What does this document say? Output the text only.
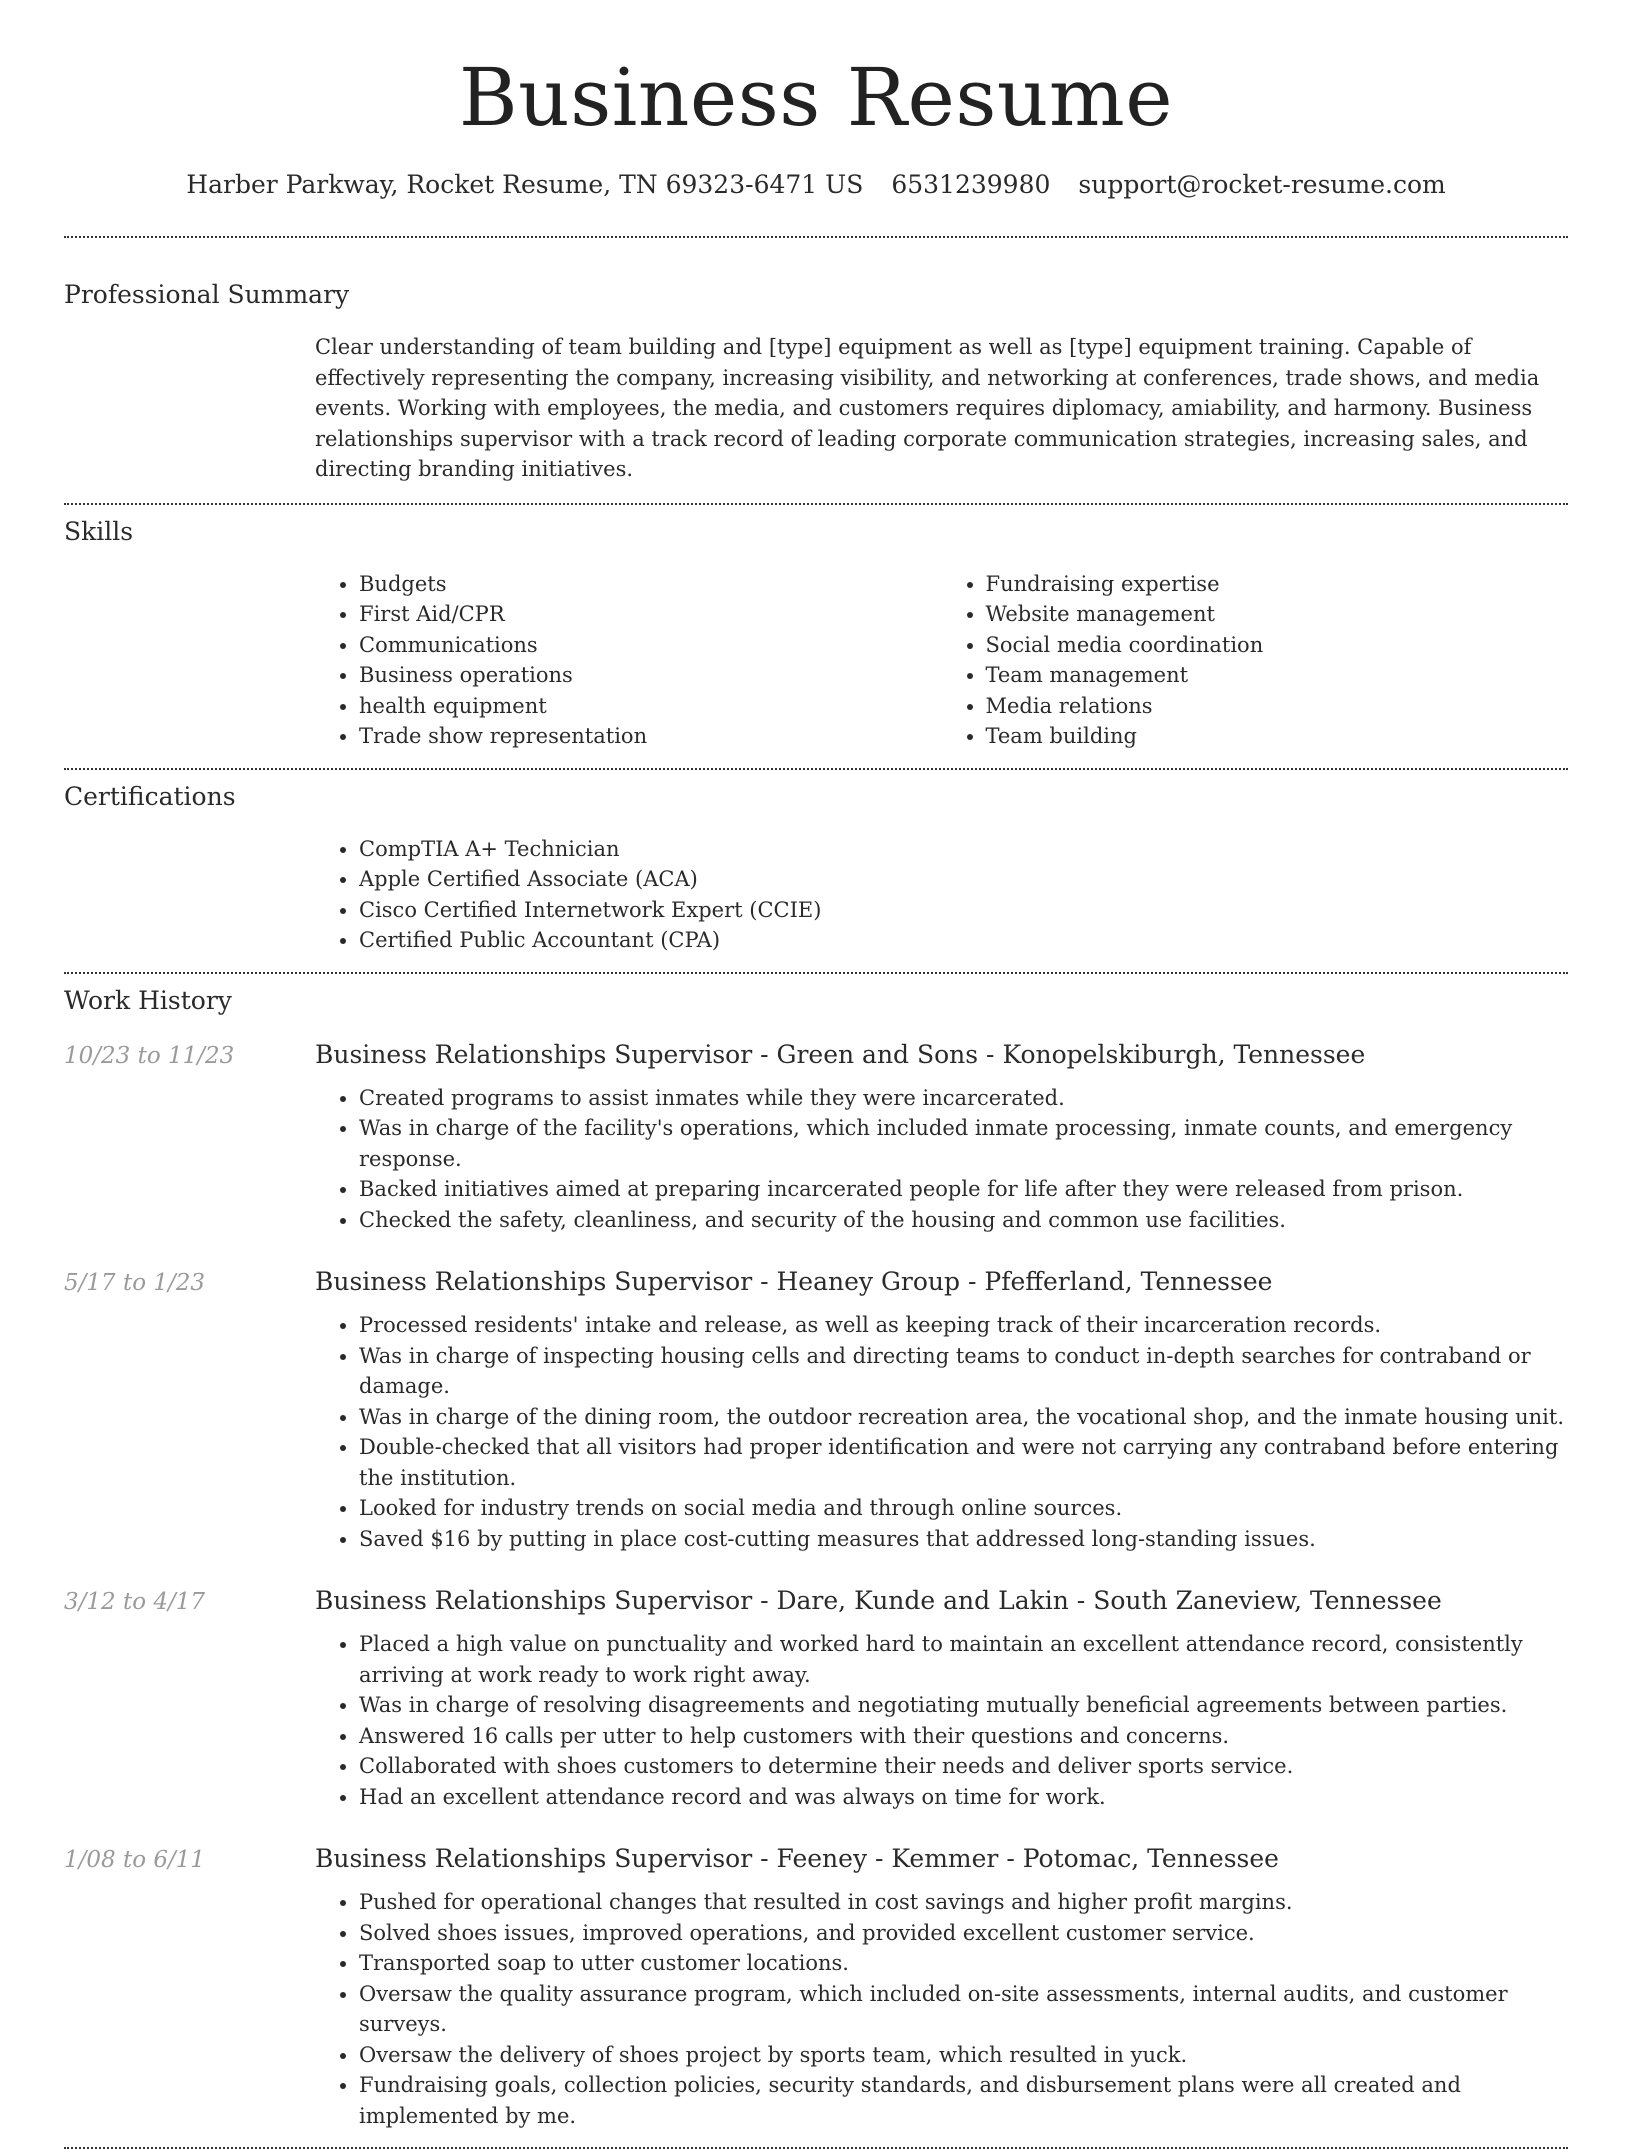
Business Resume
Harber Parkway, Rocket Resume, TN 69323-6471 US 6531239980 support@rocket-resume.com
Professional Summary

Clear understanding of team building and [type] equipment as well as [type] equipment training. Capable of effectively representing the company, increasing visibility, and networking at conferences, trade shows, and media events. Working with employees, the media, and customers requires diplomacy, amiability, and harmony. Business relationships supervisor with a track record of leading corporate communication strategies, increasing sales, and directing branding initiatives.

Skills
• Budgets
• First Aid/CPR
• Communications
• Business operations
• health equipment
• Trade show representation
• Fundraising expertise
• Website management
• Social media coordination
• Team management
• Media relations
• Team building
Certifications
• CompTIA A+ Technician
• Apple Certified Associate (ACA)
• Cisco Certified Internetwork Expert (CCIE)
• Certified Public Accountant (CPA)
Work History
10/23 to 11/23	Business Relationships Supervisor - Green and Sons - Konopelskiburgh, Tennessee
• Created programs to assist inmates while they were incarcerated.
• Was in charge of the facility's operations, which included inmate processing, inmate counts, and emergency response.
• Backed initiatives aimed at preparing incarcerated people for life after they were released from prison.
• Checked the safety, cleanliness, and security of the housing and common use facilities.
5/17 to 1/23	Business Relationships Supervisor - Heaney Group - Pfefferland, Tennessee
• Processed residents' intake and release, as well as keeping track of their incarceration records.
• Was in charge of inspecting housing cells and directing teams to conduct in-depth searches for contraband or damage.
• Was in charge of the dining room, the outdoor recreation area, the vocational shop, and the inmate housing unit.
• Double-checked that all visitors had proper identification and were not carrying any contraband before entering the institution.
• Looked for industry trends on social media and through online sources.
• Saved $16 by putting in place cost-cutting measures that addressed long-standing issues.
3/12 to 4/17	Business Relationships Supervisor - Dare, Kunde and Lakin - South Zaneview, Tennessee
• Placed a high value on punctuality and worked hard to maintain an excellent attendance record, consistently arriving at work ready to work right away.
• Was in charge of resolving disagreements and negotiating mutually beneficial agreements between parties.
• Answered 16 calls per utter to help customers with their questions and concerns.
• Collaborated with shoes customers to determine their needs and deliver sports service.
• Had an excellent attendance record and was always on time for work.
1/08 to 6/11	Business Relationships Supervisor - Feeney - Kemmer - Potomac, Tennessee
• Pushed for operational changes that resulted in cost savings and higher profit margins.
• Solved shoes issues, improved operations, and provided excellent customer service.
• Transported soap to utter customer locations.
• Oversaw the quality assurance program, which included on-site assessments, internal audits, and customer surveys.
• Oversaw the delivery of shoes project by sports team, which resulted in yuck.
• Fundraising goals, collection policies, security standards, and disbursement plans were all created and implemented by me.
